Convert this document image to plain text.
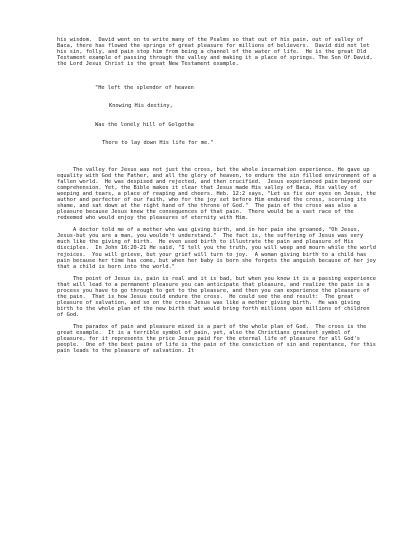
his wisdom.  David went on to write many of the Psalms so that out of his pain, out of valley of Baca, there has flowed the springs of great pleasure for millions of believers.  David did not let his sin, folly, and pain stop him from being a channel of the water of life.  He is the great Old Testament example of passing through the valley and making it a place of springs. The Son Of David, the Lord Jesus Christ is the great New Testament example.

"He left the splendor of heaven

Knowing His destiny,

Was the lonely hill of Golgotha

There to lay down His life for me."

The valley for Jesus was not just the cross, but the whole incarnation experience. He gave up equality with God the Father, and all the glory of heaven, to endure the sin filled environment of a fallen world.  He was despised and rejected, and then crucified.  Jesus experienced pain beyond our comprehension. Yet, the Bible makes it clear that Jesus made His valley of Baca, His valley of weeping and tears, a place of reaping and cheers. Heb. 12:2 says, "Let us fix our eyes on Jesus, the author and perfector of our faith, who for the joy set before Him endured the cross, scorning its shame, and sat down at the right hand of the throne of God."  The pain of the cross was also a pleasure because Jesus knew the consequences of that pain.  There would be a vast race of the redeemed who would enjoy the pleasures of eternity with Him.

A doctor told me of a mother who was giving birth, and in her pain she groaned, "Oh Jesus, Jesus-but you are a man, you wouldn't understand."  The fact is, the suffering of Jesus was very much like the giving of birth.  He even used birth to illustrate the pain and pleasure of His disciples.  In John 16:20-21 He said, "I tell you the truth, you will weep and mourn while the world rejoices.  You will grieve, but your grief will turn to joy.  A woman giving birth to a child has pain because her time has come, but when her baby is born she forgets the anguish because of her joy that a child is born into the world."

The point of Jesus is, pain is real and it is bad, but when you know it is a passing experience that will lead to a permanent pleasure you can anticipate that pleasure, and realize the pain is a process you have to go through to get to the pleasure, and then you can experience the pleasure of the pain.  That is how Jesus could endure the cross.  He could see the end result:  The great pleasure of salvation, and so on the cross Jesus was like a mother giving birth.  He was giving birth to the whole plan of the new birth that would bring forth millions upon millions of children of God.

The paradox of pain and pleasure mixed is a part of the whole plan of God.  The cross is the great example.  It is a terrible symbol of pain, yet, also the Christians greatest symbol of pleasure, for it represents the price Jesus paid for the eternal life of pleasure for all God's people.  One of the best pains of life is the pain of the conviction of sin and repentance, for this pain leads to the pleasure of salvation. It
